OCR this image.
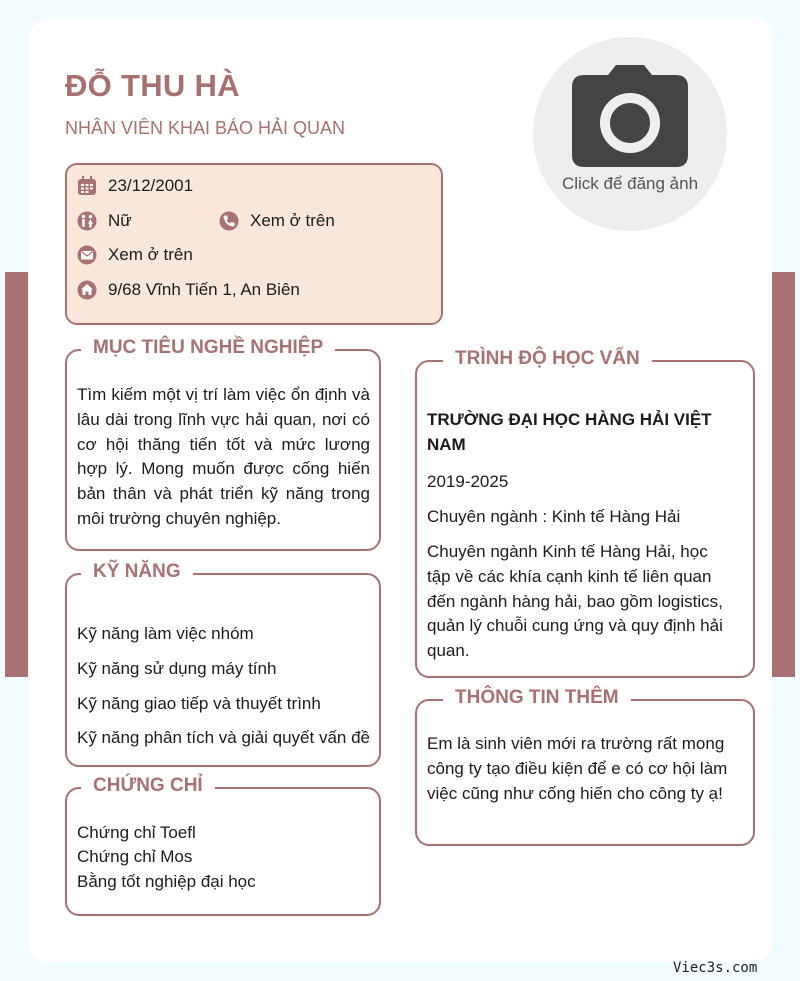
ĐỖ THU HÀ
NHÂN VIÊN KHAI BÁO HẢI QUAN
Click để đăng ảnh
23/12/2001
Nữ	Xem ở trên
Xem ở trên
9/68 Vĩnh Tiến 1, An Biên
MỤC TIÊU NGHỀ NGHIỆP
Tìm kiếm một vị trí làm việc ổn định và lâu dài trong lĩnh vực hải quan, nơi có cơ hội thăng tiến tốt và mức lương hợp lý. Mong muốn được cống hiến bản thân và phát triển kỹ năng trong môi trường chuyên nghiệp.
KỸ NĂNG
Kỹ năng làm việc nhóm
Kỹ năng sử dụng máy tính
Kỹ năng giao tiếp và thuyết trình
Kỹ năng phân tích và giải quyết vấn đề
CHỨNG CHỈ
Chứng chỉ Toefl
Chứng chỉ Mos
Bằng tốt nghiệp đại học
TRÌNH ĐỘ HỌC VẤN
TRƯỜNG ĐẠI HỌC HÀNG HẢI VIỆT
NAM
2019-2025
Chuyên ngành : Kinh tế Hàng Hải
Chuyên ngành Kinh tế Hàng Hải, học tập về các khía cạnh kinh tế liên quan đến ngành hàng hải, bao gồm logistics, quản lý chuỗi cung ứng và quy định hải quan.
THÔNG TIN THÊM
Em là sinh viên mới ra trường rất mong công ty tạo điều kiện để e có cơ hội làm việc cũng như cống hiến cho công ty ạ!
Viec3s.com
